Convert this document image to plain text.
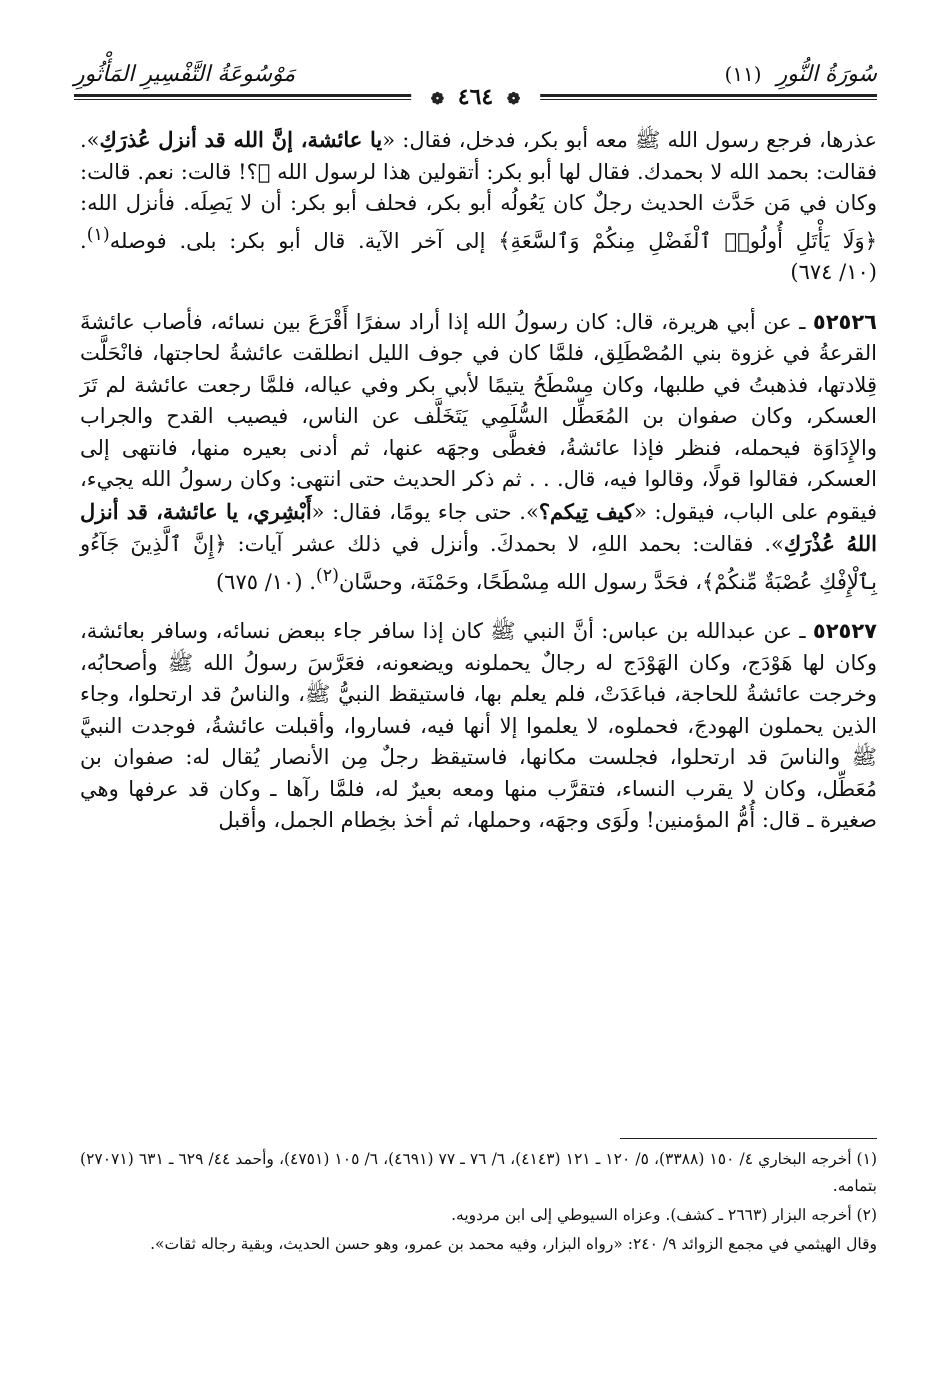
سُورَةُ النُّورِ (١١)
مَوْسُوعَةُ التَّفْسِيرِ المَأْثُورِ
❁ ٤٦٤ ❁

عذرها، فرجع رسول الله ﷺ معه أبو بكر، فدخل، فقال: «يا عائشة، إنَّ الله قد أنزل عُذرَكِ». فقالت: بحمد الله لا بحمدك. فقال لها أبو بكر: أتقولين هذا لرسول الله ﷺ؟! قالت: نعم. قالت: وكان في مَن حَدَّث الحديث رجلٌ كان يَعُولُه أبو بكر، فحلف أبو بكر: أن لا يَصِلَه. فأنزل الله: ﴿وَلَا يَأْتَلِ أُولُوا۟ ٱلْفَضْلِ مِنكُمْ وَٱلسَّعَةِ﴾ إلى آخر الآية. قال أبو بكر: بلى. فوصله$^{(١)}$. (١٠/ ٦٧٤)

٥٢٥٢٦ ـ عن أبي هريرة، قال: كان رسولُ الله إذا أراد سفرًا أَقْرَعَ بين نسائه، فأصاب عائشةَ القرعةُ في غزوة بني المُصْطَلِق، فلمَّا كان في جوف الليل انطلقت عائشةُ لحاجتها، فانْحَلَّت قِلادتها، فذهبتُ في طلبها، وكان مِسْطَحُ يتيمًا لأبي بكر وفي عياله، فلمَّا رجعت عائشة لم تَرَ العسكر، وكان صفوان بن المُعَطِّل السُّلَمِي يَتَخَلَّف عن الناس، فيصيب القدح والجراب والإِدَاوَة فيحمله، فنظر فإذا عائشةُ، فغطَّى وجهَه عنها، ثم أدنى بعيره منها، فانتهى إلى العسكر، فقالوا قولًا، وقالوا فيه، قال. . . ثم ذكر الحديث حتى انتهى: وكان رسولُ الله يجيء، فيقوم على الباب، فيقول: «كيف تِيكم؟». حتى جاء يومًا، فقال: «أَبْشِري، يا عائشة، قد أنزل اللهُ عُذْرَكِ». فقالت: بحمد اللهِ، لا بحمدكَ. وأنزل في ذلك عشر آيات: ﴿إِنَّ ٱلَّذِينَ جَآءُو بِٱلْإِفْكِ عُصْبَةٌ مِّنكُمْ﴾، فحَدَّ رسول الله مِسْطَحًا، وحَمْنَة، وحسَّان$^{(٢)}$. (١٠/ ٦٧٥)

٥٢٥٢٧ ـ عن عبدالله بن عباس: أنَّ النبي ﷺ كان إذا سافر جاء ببعض نسائه، وسافر بعائشة، وكان لها هَوْدَج، وكان الهَوْدَج له رجالٌ يحملونه ويضعونه، فعَرَّسَ رسولُ الله ﷺ وأصحابُه، وخرجت عائشةُ للحاجة، فباعَدَتْ، فلم يعلم بها، فاستيقظ النبيُّ ﷺ، والناسُ قد ارتحلوا، وجاء الذين يحملون الهودجَ، فحملوه، لا يعلموا إلا أنها فيه، فساروا، وأقبلت عائشةُ، فوجدت النبيَّ ﷺ والناسَ قد ارتحلوا، فجلست مكانها، فاستيقظ رجلٌ مِن الأنصار يُقال له: صفوان بن مُعَطِّل، وكان لا يقرب النساء، فتقرَّب منها ومعه بعيرٌ له، فلمَّا رآها ـ وكان قد عرفها وهي صغيرة ـ قال: أُمُّ المؤمنين! ولَوَى وجهَه، وحملها، ثم أخذ بخِطام الجمل، وأقبل

(١) أخرجه البخاري ٤/ ١٥٠ (٣٣٨٨)، ٥/ ١٢٠ ـ ١٢١ (٤١٤٣)، ٦/ ٧٦ ـ ٧٧ (٤٦٩١)، ٦/ ١٠٥ (٤٧٥١)، وأحمد ٤٤/ ٦٢٩ ـ ٦٣١ (٢٧٠٧١) بتمامه.

(٢) أخرجه البزار (٢٦٦٣ ـ كشف). وعزاه السيوطي إلى ابن مردويه.

وقال الهيثمي في مجمع الزوائد ٩/ ٢٤٠: «رواه البزار، وفيه محمد بن عمرو، وهو حسن الحديث، وبقية رجاله ثقات».
